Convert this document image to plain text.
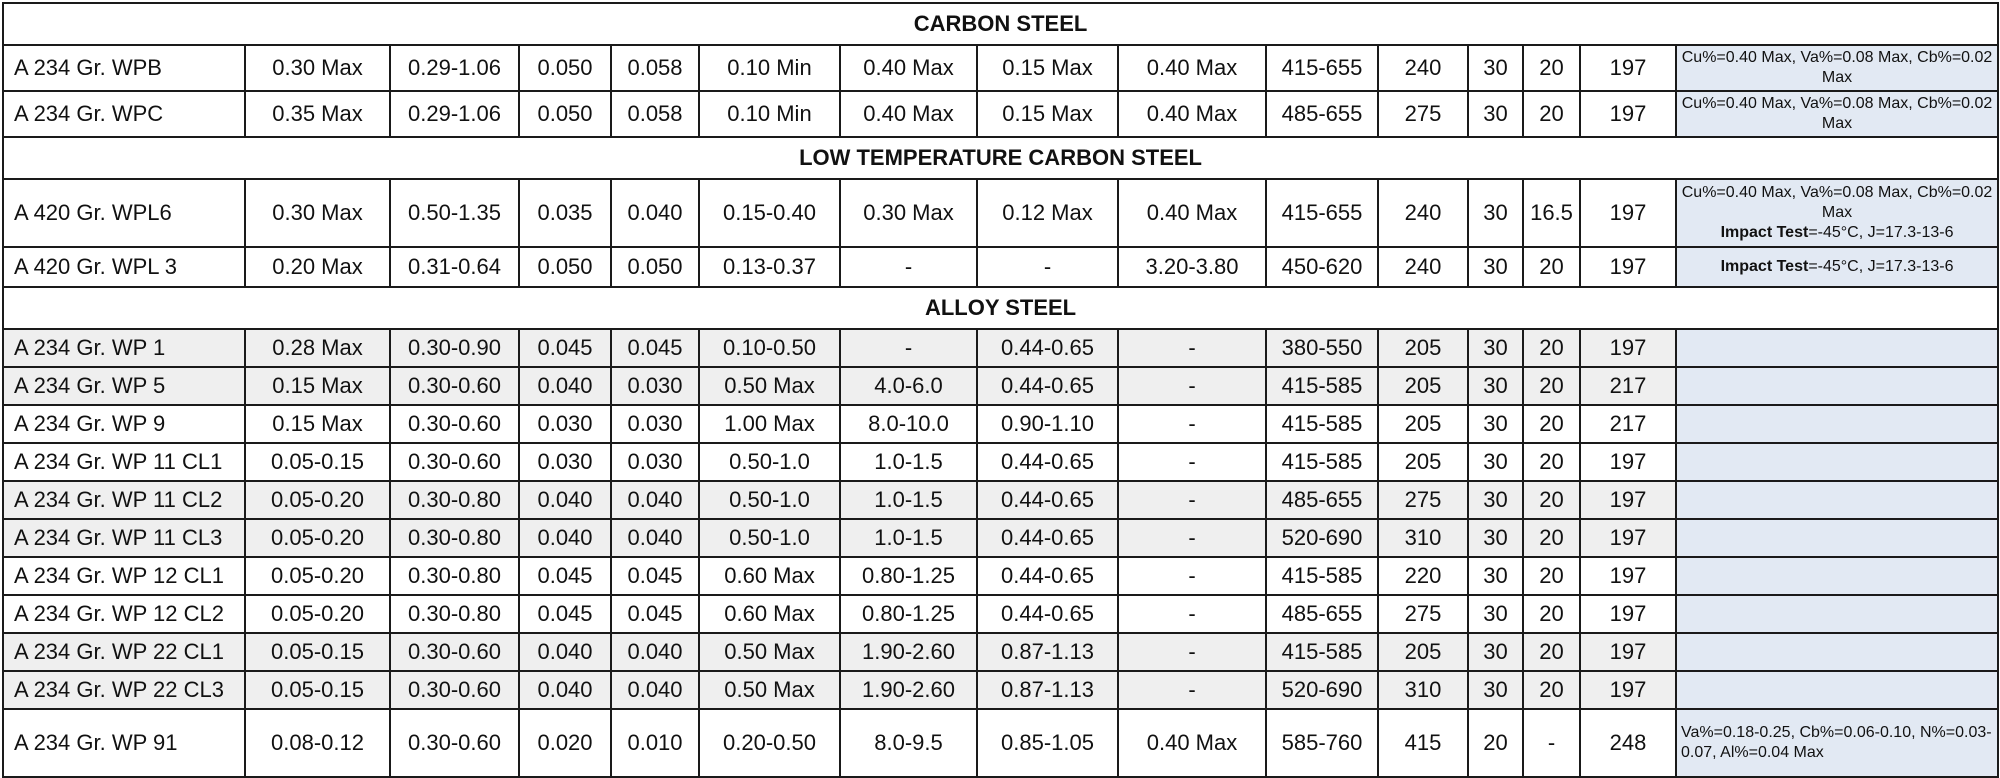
CARBON STEEL														
A 234 Gr. WPB	0.30 Max	0.29-1.06	0.050	0.058	0.10 Min	0.40 Max	0.15 Max	0.40 Max	415-655	240	30	20	197	Cu%=0.40 Max, Va%=0.08 Max, Cb%=0.02 Max

A 234 Gr. WPC	0.35 Max	0.29-1.06	0.050	0.058	0.10 Min	0.40 Max	0.15 Max	0.40 Max	485-655	275	30	20	197	Cu%=0.40 Max, Va%=0.08 Max, Cb%=0.02 Max

LOW TEMPERATURE CARBON STEEL														
A 420 Gr. WPL6	0.30 Max	0.50-1.35	0.035	0.040	0.15-0.40	0.30 Max	0.12 Max	0.40 Max	415-655	240	30	16.5	197	Cu%=0.40 Max, Va%=0.08 Max, Cb%=0.02 Max
Impact Test=-45°C, J=17.3-13-6

A 420 Gr. WPL 3	0.20 Max	0.31-0.64	0.050	0.050	0.13-0.37	-	-	3.20-3.80	450-620	240	30	20	197	Impact Test=-45°C, J=17.3-13-6

ALLOY STEEL														
A 234 Gr. WP 1	0.28 Max	0.30-0.90	0.045	0.045	0.10-0.50	-	0.44-0.65	-	380-550	205	30	20	197	
A 234 Gr. WP 5	0.15 Max	0.30-0.60	0.040	0.030	0.50 Max	4.0-6.0	0.44-0.65	-	415-585	205	30	20	217	
A 234 Gr. WP 9	0.15 Max	0.30-0.60	0.030	0.030	1.00 Max	8.0-10.0	0.90-1.10	-	415-585	205	30	20	217	
A 234 Gr. WP 11 CL1	0.05-0.15	0.30-0.60	0.030	0.030	0.50-1.0	1.0-1.5	0.44-0.65	-	415-585	205	30	20	197	
A 234 Gr. WP 11 CL2	0.05-0.20	0.30-0.80	0.040	0.040	0.50-1.0	1.0-1.5	0.44-0.65	-	485-655	275	30	20	197	
A 234 Gr. WP 11 CL3	0.05-0.20	0.30-0.80	0.040	0.040	0.50-1.0	1.0-1.5	0.44-0.65	-	520-690	310	30	20	197	
A 234 Gr. WP 12 CL1	0.05-0.20	0.30-0.80	0.045	0.045	0.60 Max	0.80-1.25	0.44-0.65	-	415-585	220	30	20	197	
A 234 Gr. WP 12 CL2	0.05-0.20	0.30-0.80	0.045	0.045	0.60 Max	0.80-1.25	0.44-0.65	-	485-655	275	30	20	197	
A 234 Gr. WP 22 CL1	0.05-0.15	0.30-0.60	0.040	0.040	0.50 Max	1.90-2.60	0.87-1.13	-	415-585	205	30	20	197	
A 234 Gr. WP 22 CL3	0.05-0.15	0.30-0.60	0.040	0.040	0.50 Max	1.90-2.60	0.87-1.13	-	520-690	310	30	20	197	
A 234 Gr. WP 91	0.08-0.12	0.30-0.60	0.020	0.010	0.20-0.50	8.0-9.5	0.85-1.05	0.40 Max	585-760	415	20	-	248	Va%=0.18-0.25, Cb%=0.06-0.10, N%=0.03-0.07, Al%=0.04 Max
